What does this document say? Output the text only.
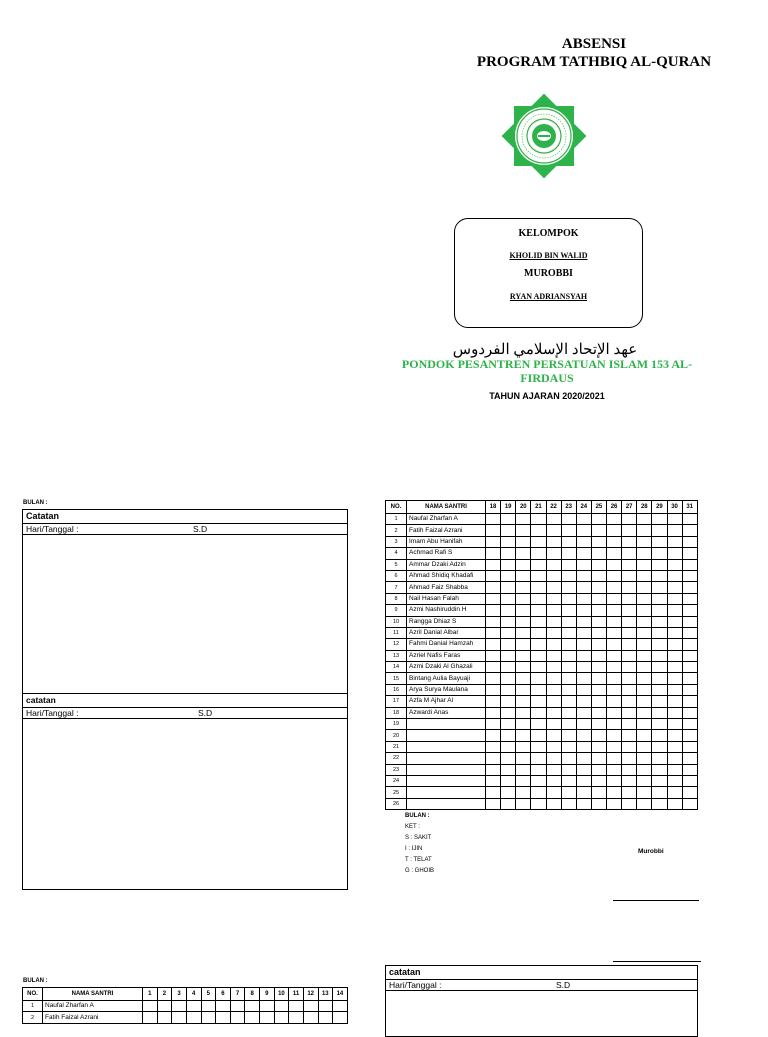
ABSENSI
PROGRAM TATHBIQ AL-QURAN
KELOMPOK
KHOLID BIN WALID
MUROBBI
RYAN ADRIANSYAH
عهد الإتحاد الإسلامي الفردوس
PONDOK PESANTREN PERSATUAN ISLAM 153 AL-
FIRDAUS
TAHUN AJARAN 2020/2021
BULAN :
Catatan
Hari/Tanggal :	S.D
catatan
Hari/Tanggal :	S.D
NO.	NAMA SANTRI	18	19	20	21	22	23	24	25	26	27	28	29	30	31
1	Naufal Zharfan A														
2	Fatih Faizal Azrani														
3	Imam Abu Hanifah														
4	Achmad Rafi S														
5	Ammar Dzaki Adzin														
6	Ahmad Shidiq Khadafi														
7	Ahmad Faiz Shabba														
8	Nail Hasan Falah														
9	Azmi Nashiruddin H														
10	Rangga Dhiaz S														
11	Azril Danial Albar														
12	Fahmi Danial Hamzah														
13	Azriel Nafis Faras														
14	Azmi Dzaki Al Ghazali														
15	Bintang Aulia Bayuaji														
16	Arya Surya Maulana														
17	Azfa M Ajhar Al														
18	Azwardi Anas														
19															
20															
21															
22															
23															
24															
25															
26															
BULAN :
KET :
S : SAKIT
I : IJIN
T : TELAT
G : GHOIB
Murobbi
BULAN :
NO.	NAMA SANTRI	1	2	3	4	5	6	7	8	9	10	11	12	13	14
1	Naufal Zharfan A														
2	Fatih Faizal Azrani														
catatan
Hari/Tanggal :	S.D
